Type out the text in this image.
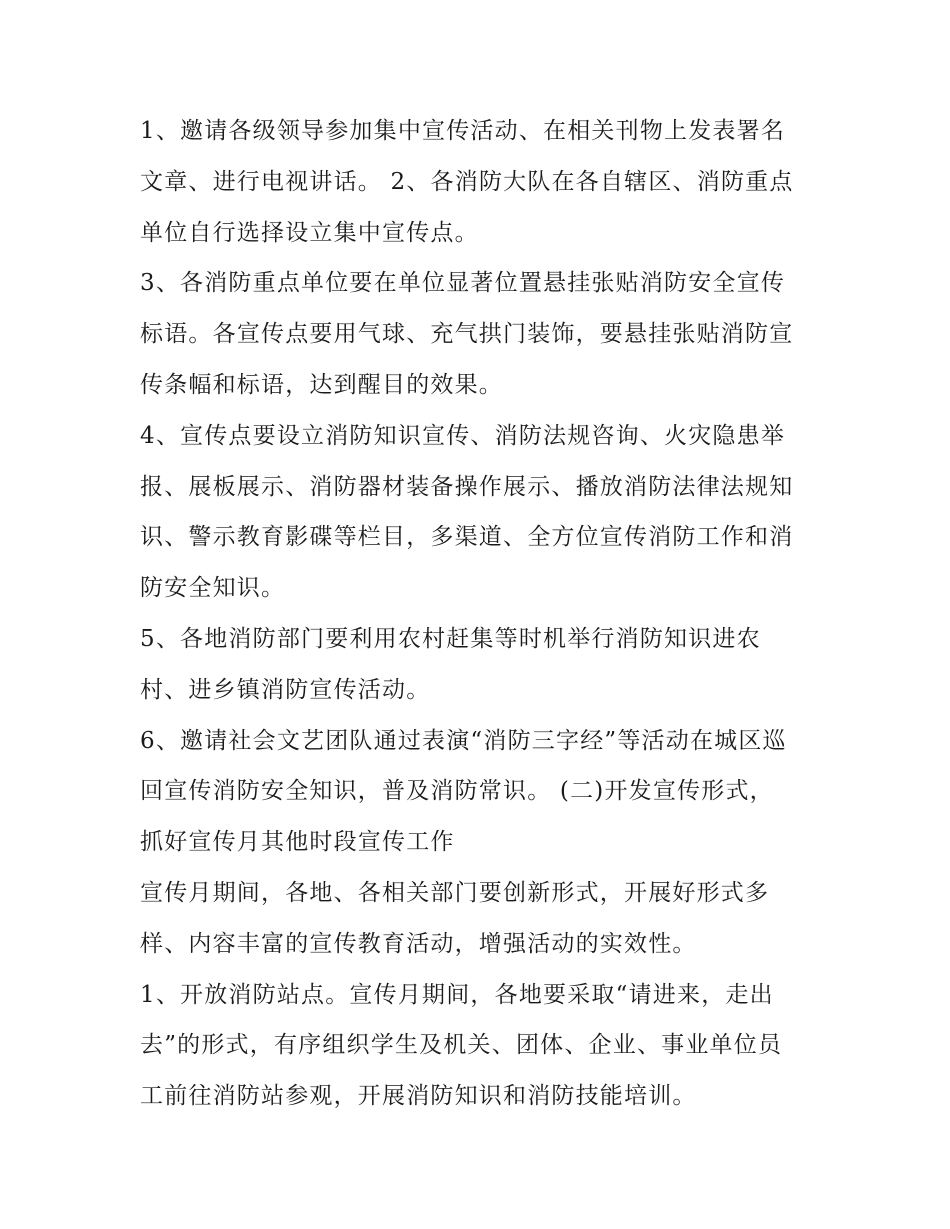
1、邀请各级领导参加集中宣传活动、在相关刊物上发表署名
文章、进行电视讲话。 2、各消防大队在各自辖区、消防重点
单位自行选择设立集中宣传点。
3、各消防重点单位要在单位显著位置悬挂张贴消防安全宣传
标语。各宣传点要用气球、充气拱门装饰，要悬挂张贴消防宣
传条幅和标语，达到醒目的效果。
4、宣传点要设立消防知识宣传、消防法规咨询、火灾隐患举
报、展板展示、消防器材装备操作展示、播放消防法律法规知
识、警示教育影碟等栏目，多渠道、全方位宣传消防工作和消
防安全知识。
5、各地消防部门要利用农村赶集等时机举行消防知识进农
村、进乡镇消防宣传活动。
6、邀请社会文艺团队通过表演“消防三字经”等活动在城区巡
回宣传消防安全知识，普及消防常识。 (二)开发宣传形式，
抓好宣传月其他时段宣传工作
宣传月期间，各地、各相关部门要创新形式，开展好形式多
样、内容丰富的宣传教育活动，增强活动的实效性。
1、开放消防站点。宣传月期间，各地要采取“请进来，走出
去”的形式，有序组织学生及机关、团体、企业、事业单位员
工前往消防站参观，开展消防知识和消防技能培训。
